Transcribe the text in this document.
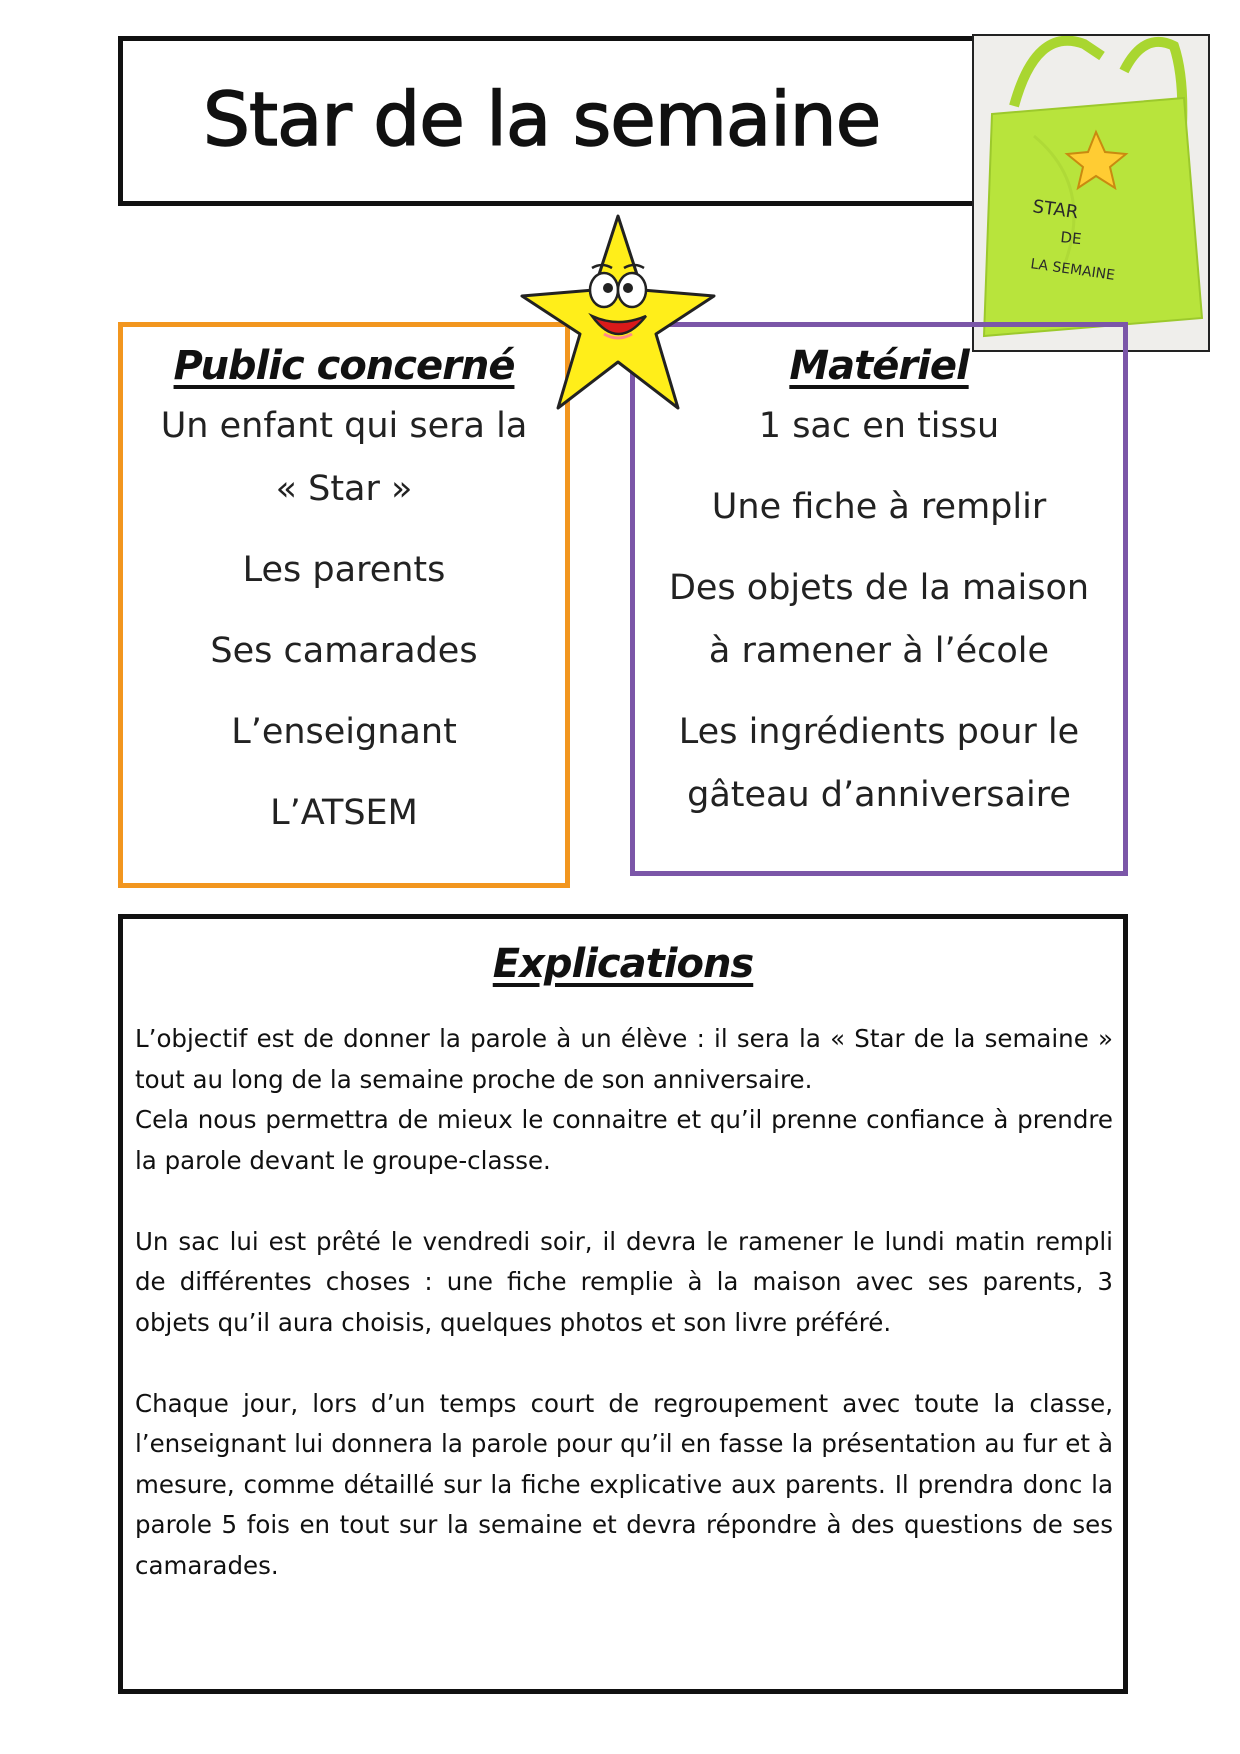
Star de la semaine
STAR
DE
LA SEMAINE
Public concerné
Un enfant qui sera la
« Star »
Les parents
Ses camarades
L’enseignant
L’ATSEM
Matériel
1 sac en tissu
Une fiche à remplir
Des objets de la maison
à ramener à l’école
Les ingrédients pour le
gâteau d’anniversaire
Explications

L’objectif est de donner la parole à un élève : il sera la « Star de la semaine » tout au long de la semaine proche de son anniversaire.

Cela nous permettra de mieux le connaitre et qu’il prenne confiance à prendre la parole devant le groupe-classe.

Un sac lui est prêté le vendredi soir, il devra le ramener le lundi matin rempli de différentes choses : une fiche remplie à la maison avec ses parents, 3 objets qu’il aura choisis, quelques photos et son livre préféré.

Chaque jour, lors d’un temps court de regroupement avec toute la classe, l’enseignant lui donnera la parole pour qu’il en fasse la présentation au fur et à mesure, comme détaillé sur la fiche explicative aux parents. Il prendra donc la parole 5 fois en tout sur la semaine et devra répondre à des questions de ses camarades.
